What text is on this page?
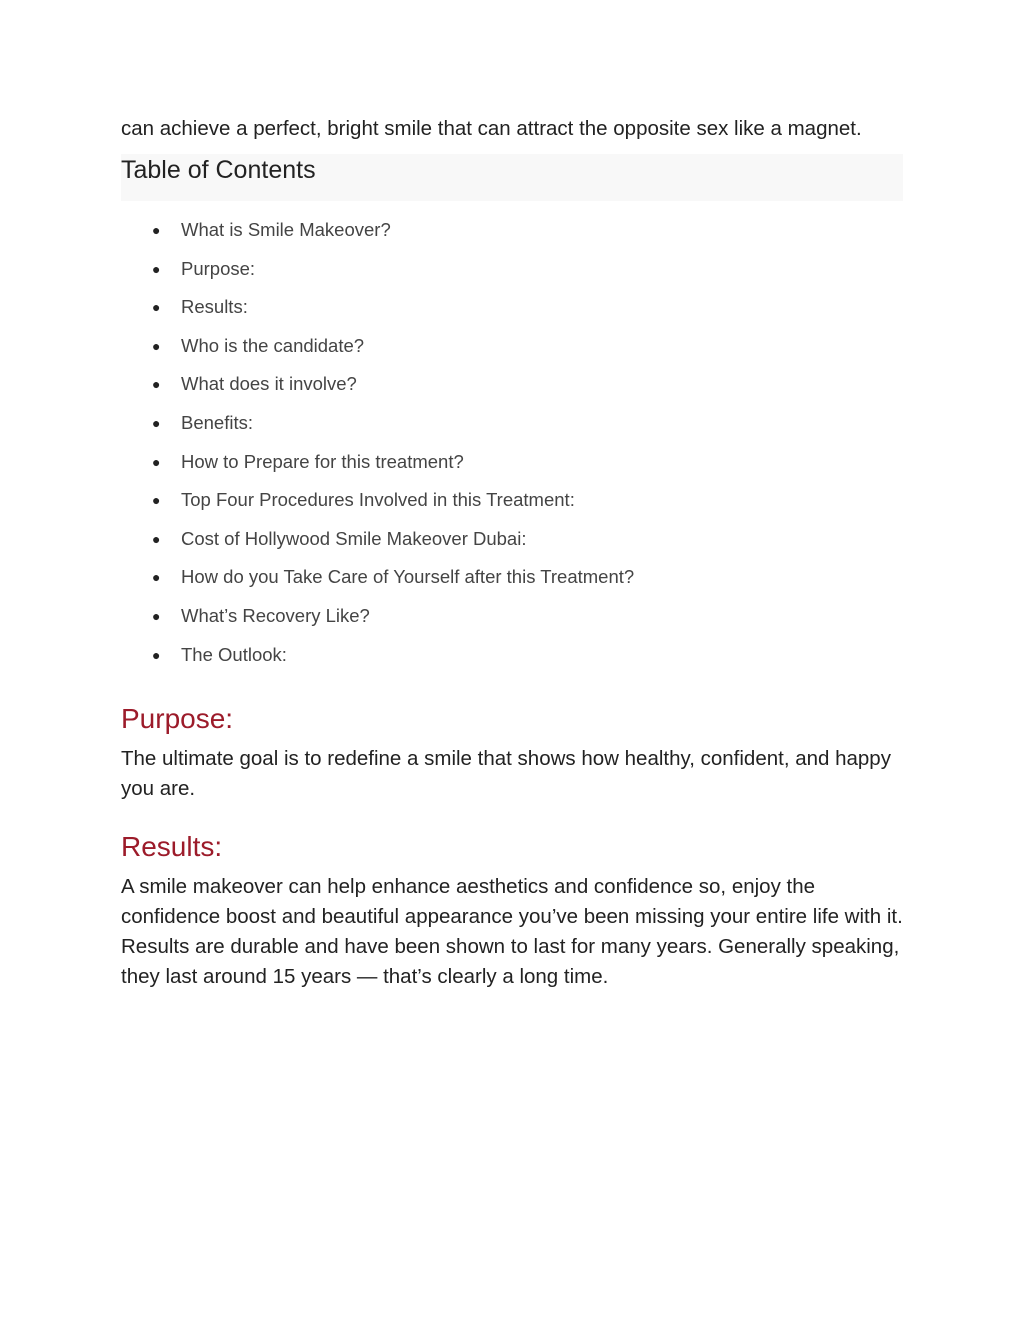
can achieve a perfect, bright smile that can attract the opposite sex like a magnet.

Table of Contents
● What is Smile Makeover?
● Purpose:
● Results:
● Who is the candidate?
● What does it involve?
● Benefits:
● How to Prepare for this treatment?
● Top Four Procedures Involved in this Treatment:
● Cost of Hollywood Smile Makeover Dubai:
● How do you Take Care of Yourself after this Treatment?
● What’s Recovery Like?
● The Outlook:
Purpose:

The ultimate goal is to redefine a smile that shows how healthy, confident, and happy you are.

Results:

A smile makeover can help enhance aesthetics and confidence so, enjoy the confidence boost and beautiful appearance you’ve been missing your entire life with it. Results are durable and have been shown to last for many years. Generally speaking, they last around 15 years — that’s clearly a long time.
